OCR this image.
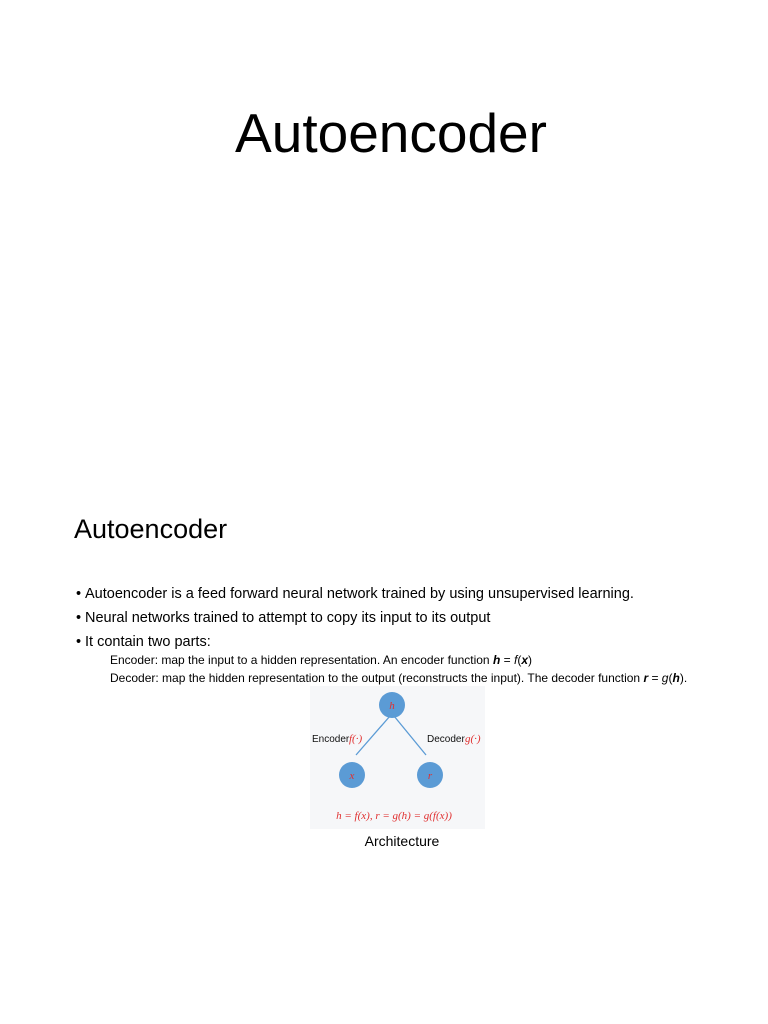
Autoencoder
Autoencoder
• Autoencoder is a feed forward neural network trained by using unsupervised learning.
• Neural networks trained to attempt to copy its input to its output
• It contain two parts:
Encoder: map the input to a hidden representation. An encoder function h = f(x)
Decoder: map the hidden representation to the output (reconstructs the input). The decoder function r = g(h).
h
x	r
Encoder f(·)	Decoder g(·)
h = f(x), r = g(h) = g(f(x))
Architecture
